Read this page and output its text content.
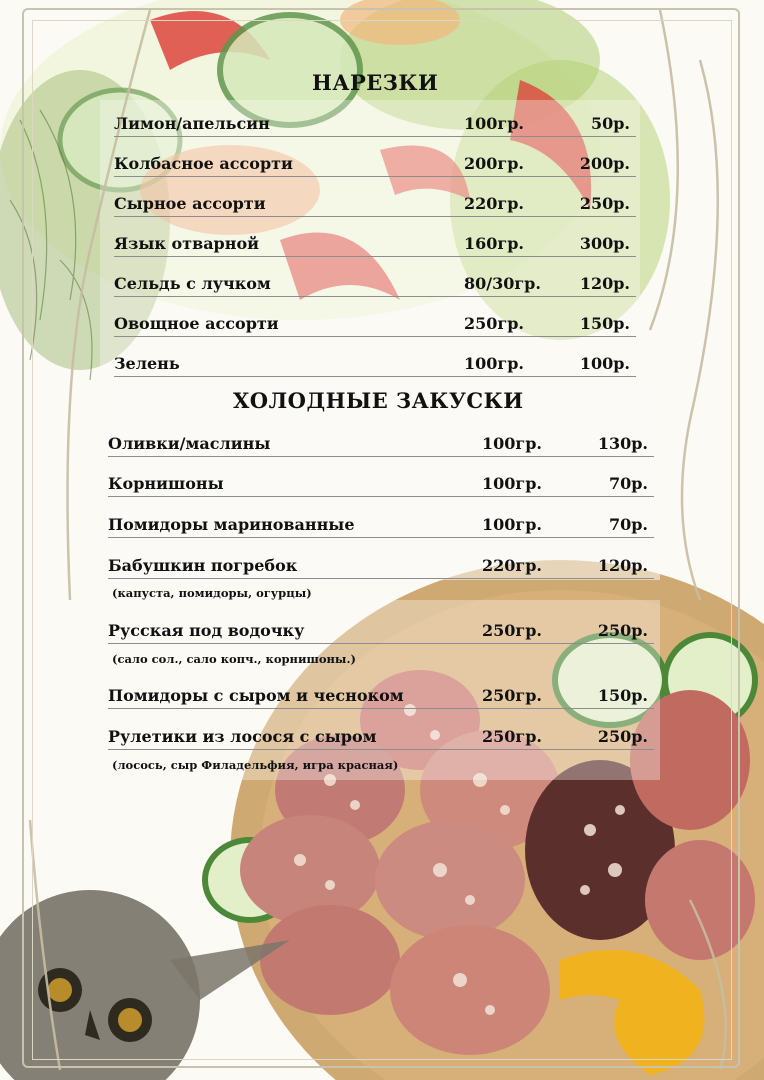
НАРЕЗКИ
Лимон/апельсин	100гр.	50р.
Колбасное ассорти	200гр.	200р.
Сырное ассорти	220гр.	250р.
Язык отварной	160гр.	300р.
Сельдь с лучком	80/30гр. 120р.
Овощное ассорти	250гр.	150р.
Зелень	100гр.	100р.
ХОЛОДНЫЕ ЗАКУСКИ
Оливки/маслины	100гр.	130р.
Корнишоны	100гр.	70р.
Помидоры маринованные	100гр.	70р.
Бабушкин погребок	220гр.	120р.
(капуста, помидоры, огурцы)
Русская под водочку	250гр.	250р.
(сало сол., сало копч., корнишоны.)
Помидоры с сыром и чесноком	250гр.	150р.
Рулетики из лосося с сыром	250гр.	250р.
(лосось, сыр Филадельфия, игра красная)
